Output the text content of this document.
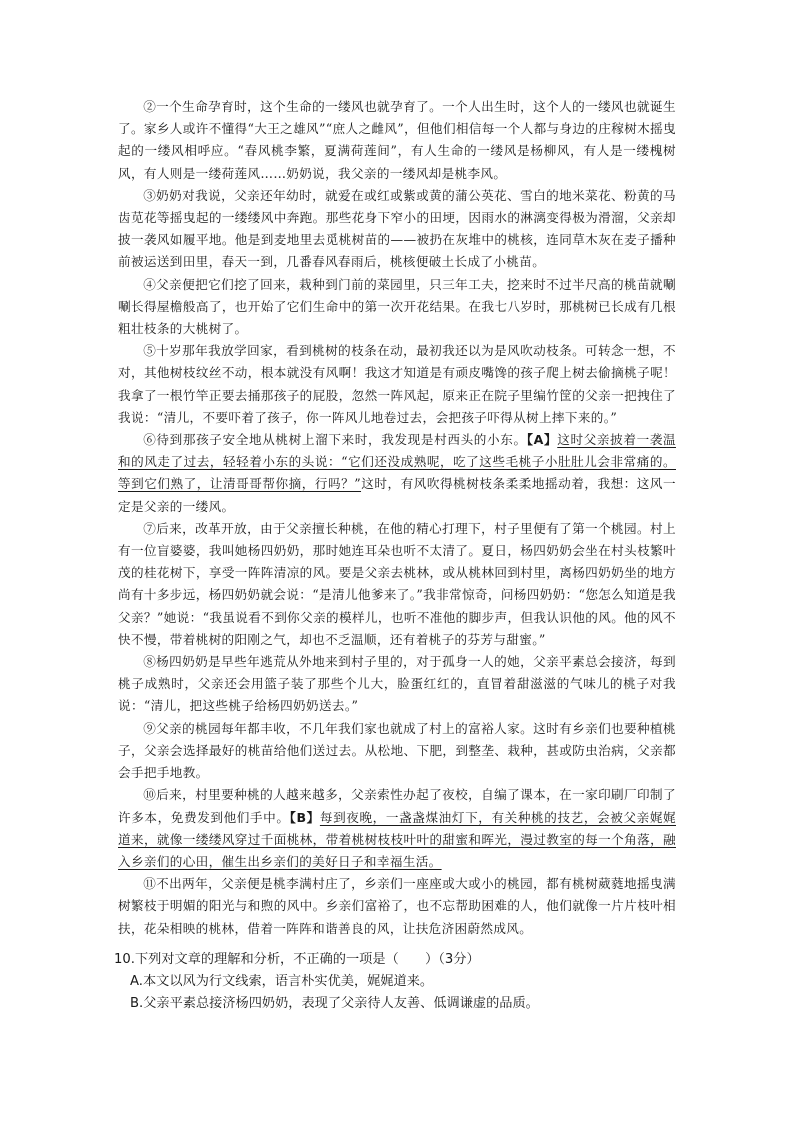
②一个生命孕育时，这个生命的一缕风也就孕育了。一个人出生时，这个人的一缕风也就诞生了。家乡人或许不懂得“大王之雄风”“庶人之雌风”，但他们相信每一个人都与身边的庄稼树木摇曳起的一缕风相呼应。“春风桃李繁，夏满荷莲间”，有人生命的一缕风是杨柳风，有人是一缕槐树风，有人则是一缕荷莲风……奶奶说，我父亲的一缕风却是桃李风。

③奶奶对我说，父亲还年幼时，就爱在或红或紫或黄的蒲公英花、雪白的地米菜花、粉黄的马齿苋花等摇曳起的一缕缕风中奔跑。那些花身下窄小的田埂，因雨水的淋漓变得极为滑溜，父亲却披一袭风如履平地。他是到麦地里去觅桃树苗的——被扔在灰堆中的桃核，连同草木灰在麦子播种前被运送到田里，春天一到，几番春风春雨后，桃核便破土长成了小桃苗。

④父亲便把它们挖了回来，栽种到门前的菜园里，只三年工夫，挖来时不过半尺高的桃苗就唰唰长得屋檐般高了，也开始了它们生命中的第一次开花结果。在我七八岁时，那桃树已长成有几根粗壮枝条的大桃树了。

⑤十岁那年我放学回家，看到桃树的枝条在动，最初我还以为是风吹动枝条。可转念一想，不对，其他树枝纹丝不动，根本就没有风啊！我这才知道是有顽皮嘴馋的孩子爬上树去偷摘桃子呢！我拿了一根竹竿正要去捅那孩子的屁股，忽然一阵风起，原来正在院子里编竹筐的父亲一把拽住了我说：“清儿，不要吓着了孩子，你一阵风儿地卷过去，会把孩子吓得从树上摔下来的。”

⑥待到那孩子安全地从桃树上溜下来时，我发现是村西头的小东。【A】这时父亲披着一袭温和的风走了过去，轻轻着小东的头说：“它们还没成熟呢，吃了这些毛桃子小肚肚儿会非常痛的。等到它们熟了，让清哥哥帮你摘，行吗？”这时，有风吹得桃树枝条柔柔地摇动着，我想：这风一定是父亲的一缕风。

⑦后来，改革开放，由于父亲擅长种桃，在他的精心打理下，村子里便有了第一个桃园。村上有一位盲婆婆，我叫她杨四奶奶，那时她连耳朵也听不太清了。夏日，杨四奶奶会坐在村头枝繁叶茂的桂花树下，享受一阵阵清凉的风。要是父亲去桃林，或从桃林回到村里，离杨四奶奶坐的地方尚有十多步远，杨四奶奶就会说：“是清儿他爹来了。”我非常惊奇，问杨四奶奶：“您怎么知道是我父亲？”她说：“我虽说看不到你父亲的模样儿，也听不准他的脚步声，但我认识他的风。他的风不快不慢，带着桃树的阳刚之气，却也不乏温顺，还有着桃子的芬芳与甜蜜。”

⑧杨四奶奶是早些年逃荒从外地来到村子里的，对于孤身一人的她，父亲平素总会接济，每到桃子成熟时，父亲还会用篮子装了那些个儿大，脸蛋红红的，直冒着甜滋滋的气味儿的桃子对我说：“清儿，把这些桃子给杨四奶奶送去。”

⑨父亲的桃园每年都丰收，不几年我们家也就成了村上的富裕人家。这时有乡亲们也要种植桃子，父亲会选择最好的桃苗给他们送过去。从松地、下肥，到整垄、栽种，甚或防虫治病，父亲都会手把手地教。

⑩后来，村里要种桃的人越来越多，父亲索性办起了夜校，自编了课本，在一家印刷厂印制了许多本，免费发到他们手中。【B】每到夜晚，一盏盏煤油灯下，有关种桃的技艺，会被父亲娓娓道来，就像一缕缕风穿过千面桃林，带着桃树枝枝叶叶的甜蜜和晖光，漫过教室的每一个角落，融入乡亲们的心田，催生出乡亲们的美好日子和幸福生活。

⑪不出两年，父亲便是桃李满村庄了，乡亲们一座座或大或小的桃园，都有桃树葳蕤地摇曳满树繁枝于明媚的阳光与和煦的风中。乡亲们富裕了，也不忘帮助困难的人，他们就像一片片枝叶相扶，花朵相映的桃林，借着一阵阵和谐善良的风，让扶危济困蔚然成风。

10.下列对文章的理解和分析，不正确的一项是（　　）（3分）

A.本文以风为行文线索，语言朴实优美，娓娓道来。

B.父亲平素总接济杨四奶奶，表现了父亲待人友善、低调谦虚的品质。
